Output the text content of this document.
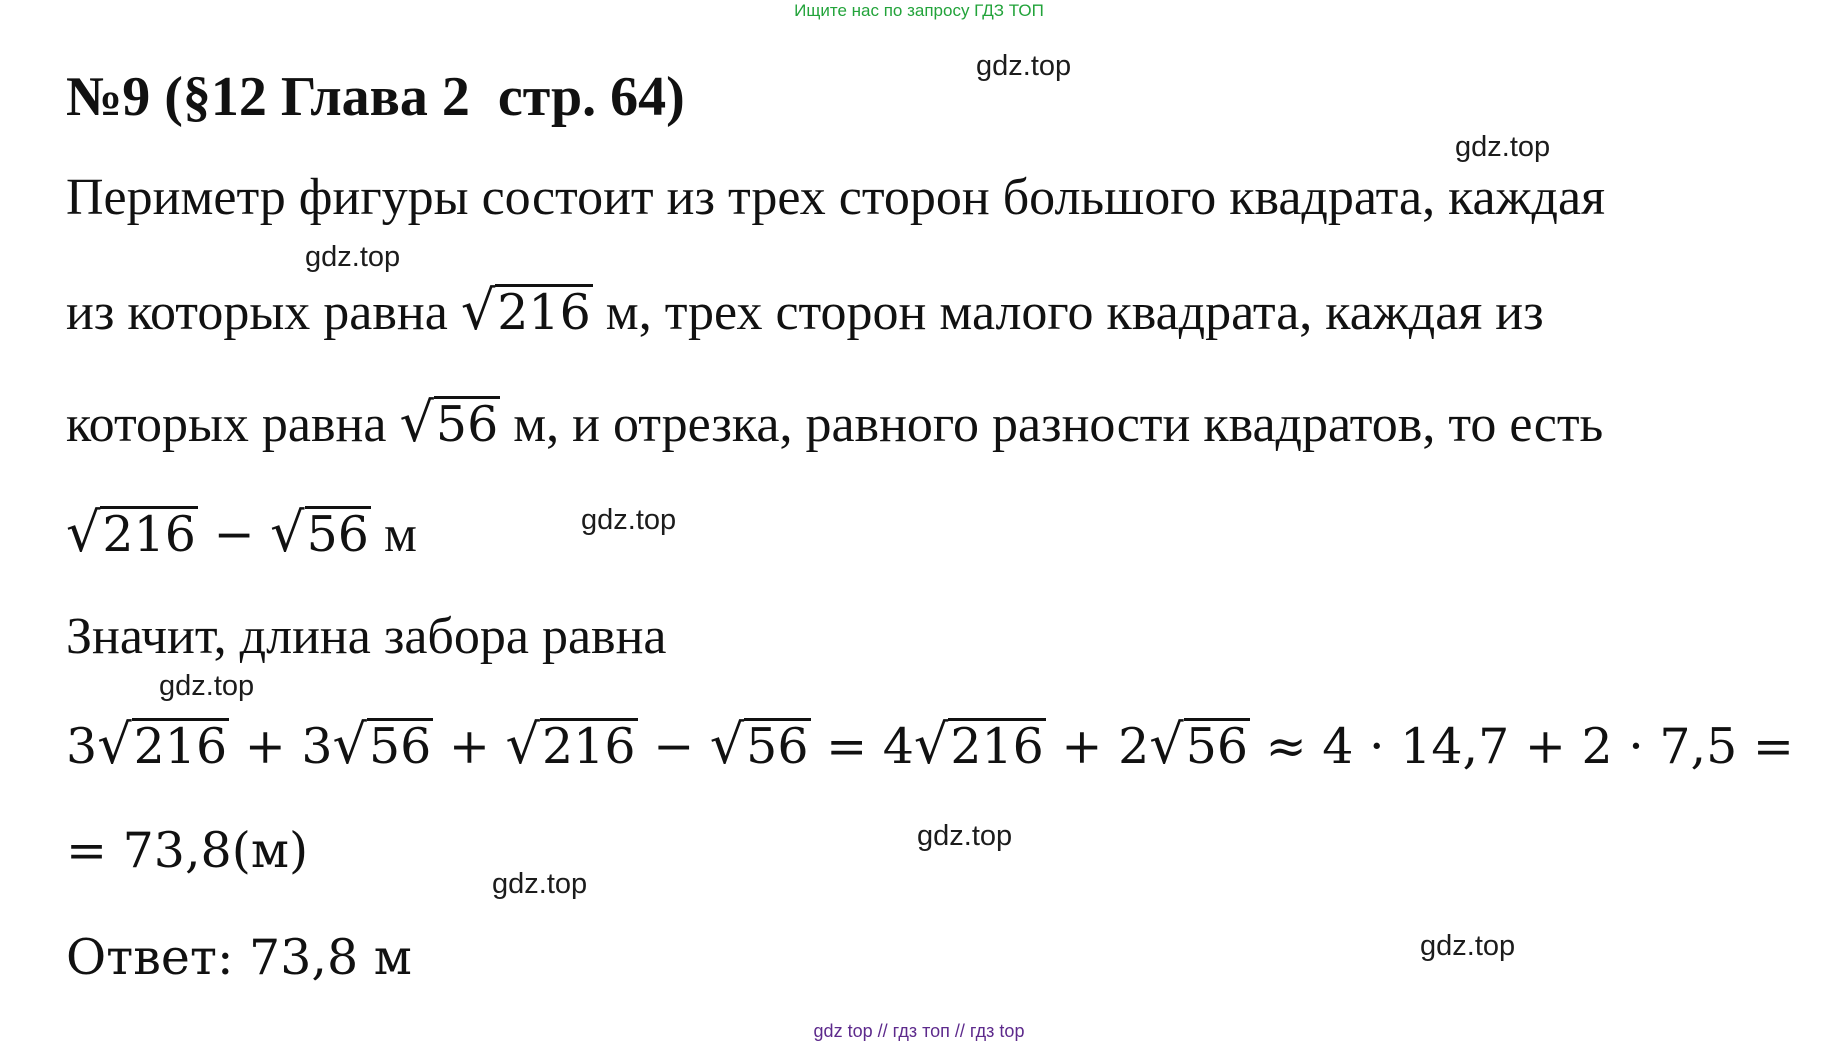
Ищите нас по запросу ГДЗ ТОП
№9 (§12 Глава 2  стр. 64)	gdz.top
gdz.top
gdz.top
gdz.top
gdz.top
gdz.top
gdz.top
gdz.top
Периметр фигуры состоит из трех сторон большого квадрата, каждая
из которых равна √216 м, трех сторон малого квадрата, каждая из
которых равна √56 м, и отрезка, равного разности квадратов, то есть
√216 − √56 м
Значит, длина забора равна
3√216 + 3√56 + √216 − √56 = 4√216 + 2√56 ≈ 4 · 14,7 + 2 · 7,5 =
= 73,8(м)
Ответ: 73,8 м
gdz top // гдз топ // гдз top
